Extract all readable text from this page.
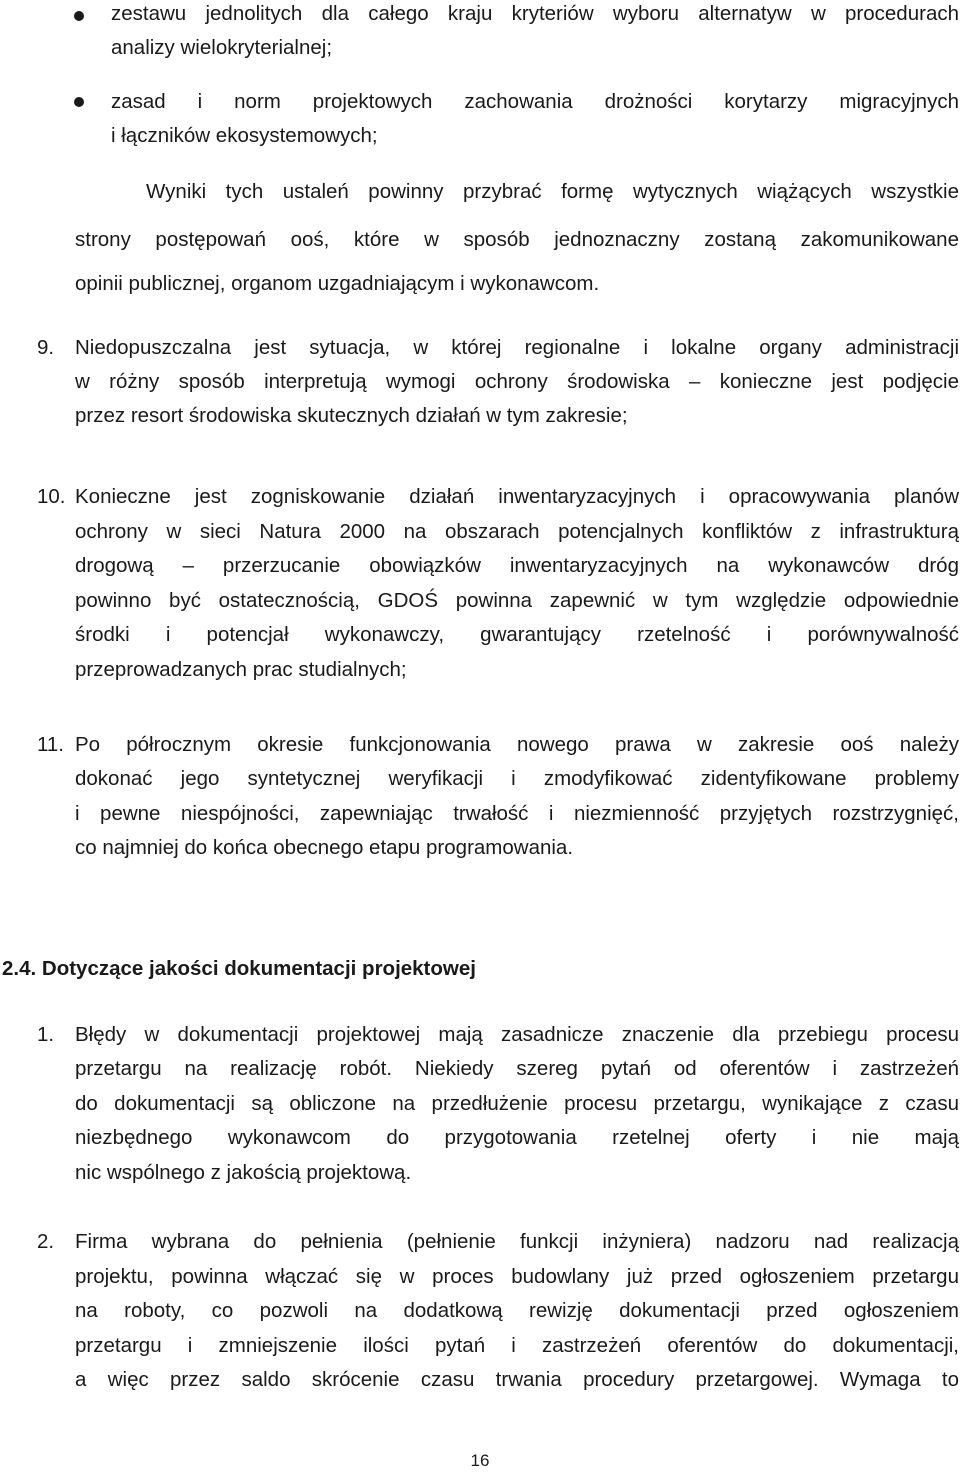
zestawu jednolitych dla całego kraju kryteriów wyboru alternatyw w procedurach
analizy wielokryterialnej;
zasad i norm projektowych zachowania drożności korytarzy migracyjnych
i łączników ekosystemowych;
Wyniki tych ustaleń powinny przybrać formę wytycznych wiążących wszystkie
strony postępowań ooś, które w sposób jednoznaczny zostaną zakomunikowane
opinii publicznej, organom uzgadniającym i wykonawcom.
9. Niedopuszczalna jest sytuacja, w której regionalne i lokalne organy administracji
w różny sposób interpretują wymogi ochrony środowiska – konieczne jest podjęcie
przez resort środowiska skutecznych działań w tym zakresie;
10. Konieczne jest zogniskowanie działań inwentaryzacyjnych i opracowywania planów
ochrony w sieci Natura 2000 na obszarach potencjalnych konfliktów z infrastrukturą
drogową – przerzucanie obowiązków inwentaryzacyjnych na wykonawców dróg
powinno być ostatecznością, GDOŚ powinna zapewnić w tym względzie odpowiednie
środki i potencjał wykonawczy, gwarantujący rzetelność i porównywalność
przeprowadzanych prac studialnych;
11. Po półrocznym okresie funkcjonowania nowego prawa w zakresie ooś należy
dokonać jego syntetycznej weryfikacji i zmodyfikować zidentyfikowane problemy
i pewne niespójności, zapewniając trwałość i niezmienność przyjętych rozstrzygnięć,
co najmniej do końca obecnego etapu programowania.
2.4. Dotyczące jakości dokumentacji projektowej
1. Błędy w dokumentacji projektowej mają zasadnicze znaczenie dla przebiegu procesu
przetargu na realizację robót. Niekiedy szereg pytań od oferentów i zastrzeżeń
do dokumentacji są obliczone na przedłużenie procesu przetargu, wynikające z czasu
niezbędnego wykonawcom do przygotowania rzetelnej oferty i nie mają
nic wspólnego z jakością projektową.
2. Firma wybrana do pełnienia (pełnienie funkcji inżyniera) nadzoru nad realizacją
projektu, powinna włączać się w proces budowlany już przed ogłoszeniem przetargu
na roboty, co pozwoli na dodatkową rewizję dokumentacji przed ogłoszeniem
przetargu i zmniejszenie ilości pytań i zastrzeżeń oferentów do dokumentacji,
a więc przez saldo skrócenie czasu trwania procedury przetargowej. Wymaga to
16
